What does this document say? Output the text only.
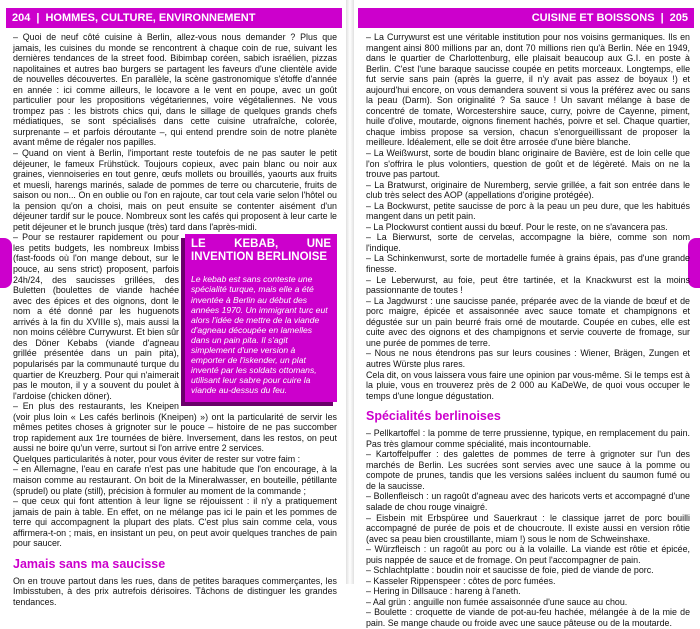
204 | HOMMES, CULTURE, ENVIRONNEMENT	CUISINE ET BOISSONS | 205

– Quoi de neuf côté cuisine à Berlin, allez-vous nous demander ? Plus que jamais, les cuisines du monde se rencontrent à chaque coin de rue, suivant les dernières tendances de la street food. Bibimbap coréen, sabich israélien, pizzas napolitaines et autres bao burgers se partagent les faveurs d'une clientèle avide de nouvelles découvertes. En parallèle, la scène gastronomique s'étoffe d'année en année : ici comme ailleurs, le locavore a le vent en poupe, avec un goût particulier pour les propositions végétariennes, voire végétaliennes. Ne vous trompez pas : les bistrots chics qui, dans le sillage de quelques grands chefs médiatiques, se sont spécialisés dans cette cuisine utrafraîche, colorée, surprenante – et parfois déroutante –, qui entend prendre soin de notre planète avant même de régaler nos papilles.

– Quand on vient à Berlin, l'important reste toutefois de ne pas sauter le petit déjeuner, le fameux Frühstück. Toujours copieux, avec pain blanc ou noir aux graines, viennoiseries en tout genre, œufs mollets ou brouillés, yaourts aux fruits et muesli, harengs marinés, salade de pommes de terre ou charcuterie, fruits de saison ou non... On en oublie ou l'on en rajoute, car tout cela varie selon l'hôtel ou la pension qu'on a choisi, mais on peut ensuite se contenter aisément d'un déjeuner tardif sur le pouce. Nombreux sont les cafés qui proposent à leur carte le petit déjeuner et le brunch jusque (très) tard dans l'après-midi.

LE KEBAB, UNE INVENTION BERLINOISE
Le kebab est sans conteste une spécialité turque, mais elle a été inventée à Berlin au début des années 1970. Un immigrant turc eut alors l'idée de mettre de la viande d'agneau découpée en lamelles dans un pain pita. Il s'agit simplement d'une version à emporter de l'iskender, un plat inventé par les soldats ottomans, utilisant leur sabre pour cuire la viande au-dessus du feu.

– Pour se restaurer rapidement ou pour les petits budgets, les nombreux Imbiss (fast-foods où l'on mange debout, sur le pouce, au sens strict) proposent, parfois 24h/24, des saucisses grillées, des Buletten (boulettes de viande hachée avec des épices et des oignons, dont le nom a été donné par les huguenots arrivés à la fin du XVIIIe s), mais aussi la non moins célèbre Currywurst. Et bien sûr des Döner Kebabs (viande d'agneau grillée présentée dans un pain pita), popularisés par la communauté turque du quartier de Kreuzberg. Pour qui n'aimerait pas le mouton, il y a souvent du poulet à l'ardoise (chicken döner).

– En plus des restaurants, les Kneipen (voir plus loin « Les cafés berlinois (Kneipen) ») ont la particularité de servir les mêmes petites choses à grignoter sur le pouce – histoire de ne pas succomber trop rapidement aux 1re tournées de bière. Inversement, dans les restos, on peut aussi ne boire qu'un verre, surtout si l'on arrive entre 2 services.

Quelques particularités à noter, pour vous éviter de rester sur votre faim :

– en Allemagne, l'eau en carafe n'est pas une habitude que l'on encourage, à la maison comme au restaurant. On boit de la Mineralwasser, en bouteille, pétillante (sprudel) ou plate (still), précision à formuler au moment de la commande ;

– que ceux qui font attention à leur ligne se réjouissent : il n'y a pratiquement jamais de pain à table. En effet, on ne mélange pas ici le pain et les pommes de terre qui accompagnent la plupart des plats. C'est plus sain comme cela, vous affirmera-t-on ; mais, en insistant un peu, on peut avoir quelques tranches de pain pour saucer.

Jamais sans ma saucisse

On en trouve partout dans les rues, dans de petites baraques commerçantes, les Imbisstuben, à des prix autrefois dérisoires. Tâchons de distinguer les grandes tendances.

– La Currywurst est une véritable institution pour nos voisins germaniques. Ils en mangent ainsi 800 millions par an, dont 70 millions rien qu'à Berlin. Née en 1949, dans le quartier de Charlottenburg, elle plaisait beaucoup aux G.I. en poste à Berlin. C'est l'une baraque saucisse coupée en petits morceaux. Longtemps, elle fut servie sans pain (après la guerre, il n'y avait pas assez de boyaux !) et aujourd'hui encore, on vous demandera souvent si vous la préférez avec ou sans la peau (Darm). Son originalité ? Sa sauce ! Un savant mélange à base de concentré de tomate, Worcestershire sauce, curry, poivre de Cayenne, piment, huile d'olive, moutarde, oignons finement hachés, poivre et sel. Chaque quartier, chaque imbiss propose sa version, chacun s'enorgueillissant de proposer la meilleure. Idéalement, elle se doit être arrosée d'une bière blanche.

– La Weißwurst, sorte de boudin blanc originaire de Bavière, est de loin celle que l'on s'offrira le plus volontiers, question de goût et de légèreté. Mais on ne la trouve pas partout.

– La Bratwurst, originaire de Nuremberg, servie grillée, a fait son entrée dans le club très select des AOP (appellations d'origine protégée).

– La Bockwurst, petite saucisse de porc à la peau un peu dure, que les habitués mangent dans un petit pain.

– La Plockwurst contient aussi du bœuf. Pour le reste, on ne s'avancera pas.

– La Bierwurst, sorte de cervelas, accompagne la bière, comme son nom l'indique.

– La Schinkenwurst, sorte de mortadelle fumée à grains épais, pas d'une grande finesse.

– Le Leberwurst, au foie, peut être tartinée, et la Knackwurst est la moins passionnante de toutes !

– La Jagdwurst : une saucisse panée, préparée avec de la viande de bœuf et de porc maigre, épicée et assaisonnée avec sauce tomate et champignons et dégustée sur un pain beurré frais orné de moutarde. Coupée en cubes, elle est cuite avec des oignons et des champignons et servie couverte de fromage, sur une purée de pommes de terre.

– Nous ne nous étendrons pas sur leurs cousines : Wiener, Brägen, Zungen et autres Würste plus rares.

Cela dit, on vous laissera vous faire une opinion par vous-même. Si le temps est à la pluie, vous en trouverez près de 2 000 au KaDeWe, de quoi vous occuper le temps d'une longue dégustation.

Spécialités berlinoises

– Pellkartoffel : la pomme de terre prussienne, typique, en remplacement du pain. Pas très glamour comme spécialité, mais incontournable.

– Kartoffelpuffer : des galettes de pommes de terre à grignoter sur l'un des marchés de Berlin. Les sucrées sont servies avec une sauce à la pomme ou compote de prunes, tandis que les versions salées incluent du saumon fumé ou de la saucisse.

– Bollenfleisch : un ragoût d'agneau avec des haricots verts et accompagné d'une salade de chou rouge vinaigré.

– Eisbein mit Erbspüree und Sauerkraut : le classique jarret de porc bouilli accompagné de purée de pois et de choucroute. Il existe aussi en version rôtie (avec sa peau bien croustillante, miam !) sous le nom de Schweinshaxe.

– Würzfleisch : un ragoût au porc ou à la volaille. La viande est rôtie et épicée, puis nappée de sauce et de fromage. On peut l'accompagner de pain.

– Schlachtplatte : boudin noir et saucisse de foie, pied de viande de porc.

– Kasseler Rippenspeer : côtes de porc fumées.

– Hering in Dillsauce : hareng à l'aneth.

– Aal grün : anguille non fumée assaisonnée d'une sauce au chou.

– Boulette : croquette de viande de pot-au-feu hachée, mélangée à de la mie de pain. Se mange chaude ou froide avec une sauce pâteuse ou de la moutarde.
